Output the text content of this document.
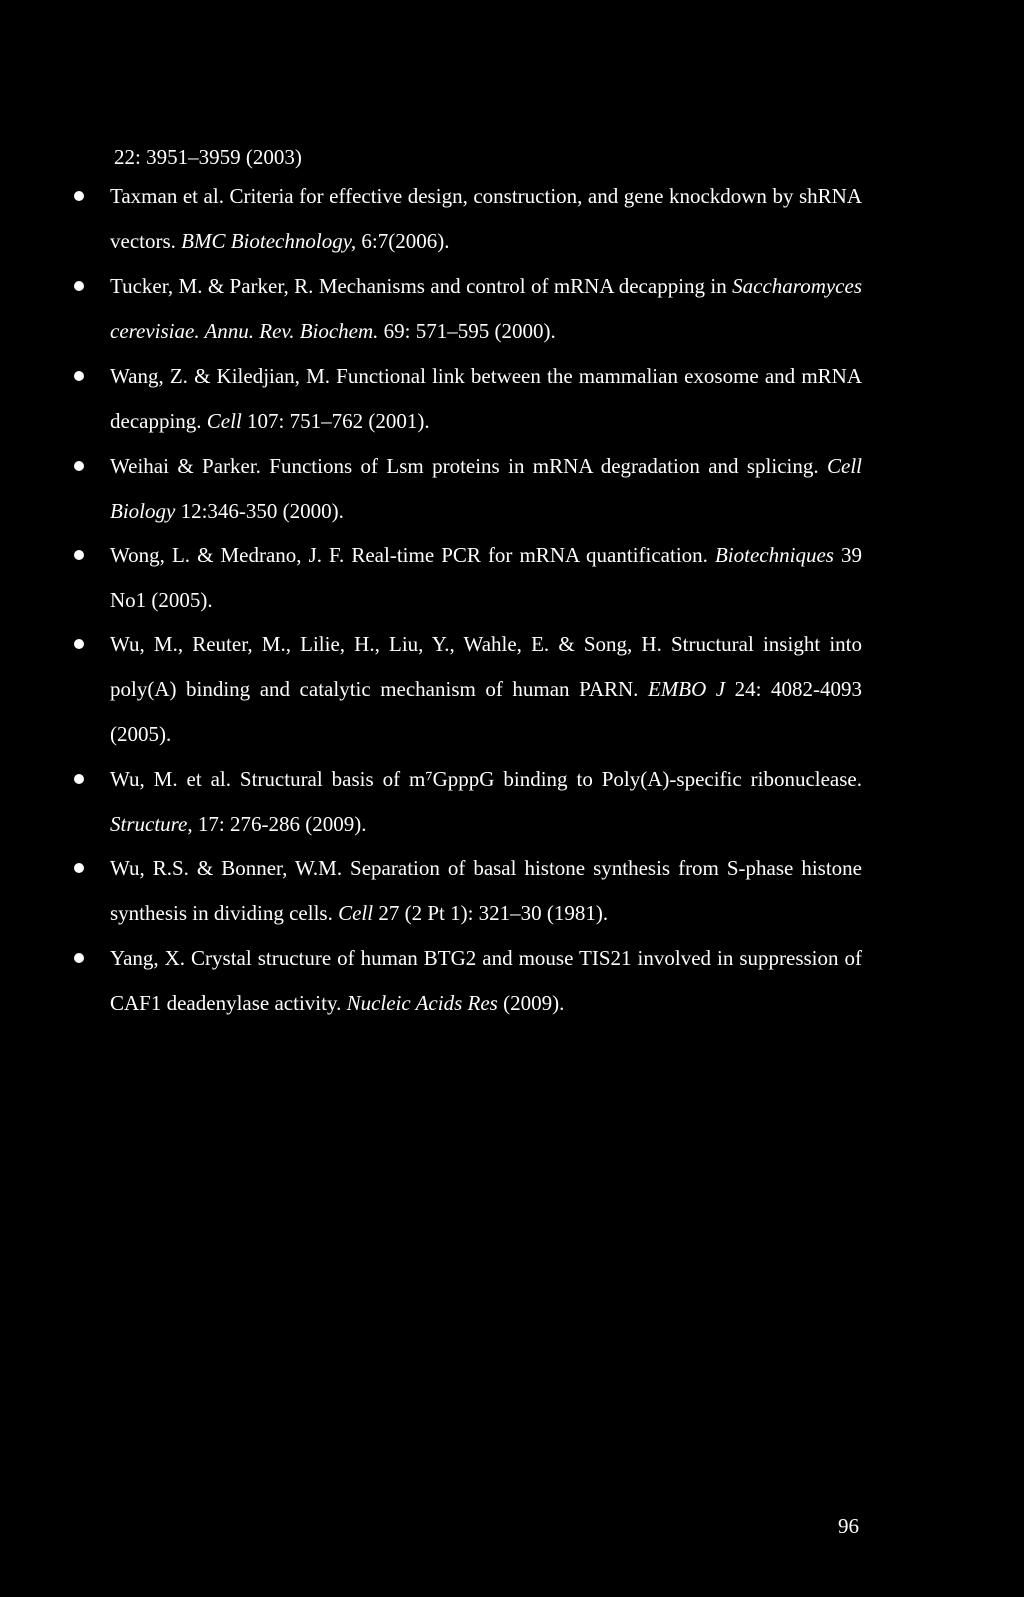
22: 3951–3959 (2003)
Taxman et al. Criteria for effective design, construction, and gene knockdown by shRNA vectors. BMC Biotechnology, 6:7(2006).
Tucker, M. & Parker, R. Mechanisms and control of mRNA decapping in Saccharomyces cerevisiae. Annu. Rev. Biochem. 69: 571–595 (2000).
Wang, Z. & Kiledjian, M. Functional link between the mammalian exosome and mRNA decapping. Cell 107: 751–762 (2001).
Weihai & Parker. Functions of Lsm proteins in mRNA degradation and splicing. Cell Biology 12:346-350 (2000).
Wong, L. & Medrano, J. F. Real-time PCR for mRNA quantification. Biotechniques 39 No1 (2005).
Wu, M., Reuter, M., Lilie, H., Liu, Y., Wahle, E. & Song, H. Structural insight into poly(A) binding and catalytic mechanism of human PARN. EMBO J 24: 4082-4093 (2005).
Wu, M. et al. Structural basis of m⁷GpppG binding to Poly(A)-specific ribonuclease. Structure, 17: 276-286 (2009).
Wu, R.S. & Bonner, W.M. Separation of basal histone synthesis from S-phase histone synthesis in dividing cells. Cell 27 (2 Pt 1): 321–30 (1981).
Yang, X. Crystal structure of human BTG2 and mouse TIS21 involved in suppression of CAF1 deadenylase activity. Nucleic Acids Res (2009).
96
